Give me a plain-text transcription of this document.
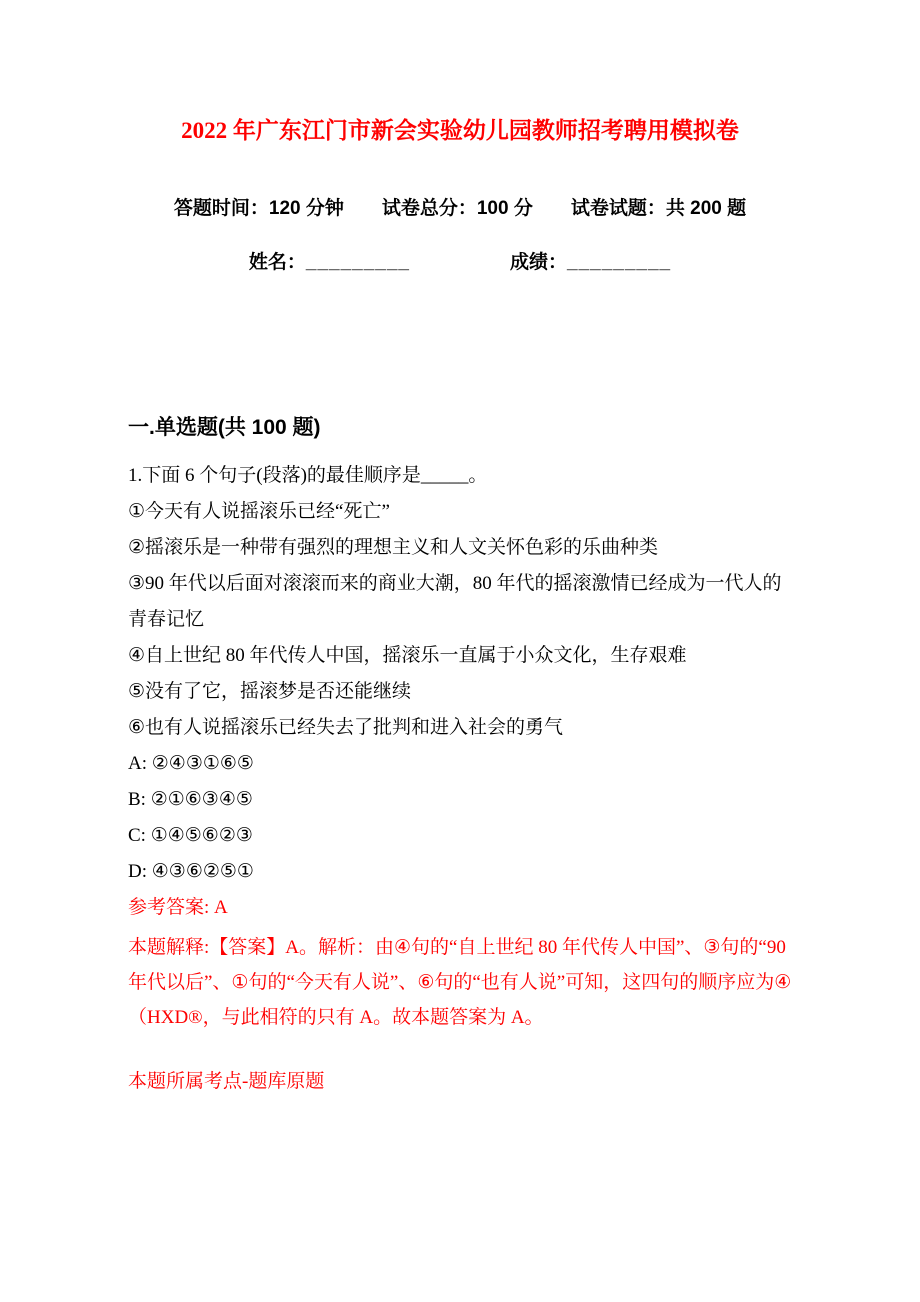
2022 年广东江门市新会实验幼儿园教师招考聘用模拟卷
答题时间：120 分钟 试卷总分：100 分 试卷试题：共 200 题
姓名：_________	成绩：_________
一.单选题(共 100 题)

1.下面 6 个句子(段落)的最佳顺序是_____。

①今天有人说摇滚乐已经“死亡”

②摇滚乐是一种带有强烈的理想主义和人文关怀色彩的乐曲种类

③90 年代以后面对滚滚而来的商业大潮，80 年代的摇滚激情已经成为一代人的青春记忆

④自上世纪 80 年代传人中国，摇滚乐一直属于小众文化，生存艰难

⑤没有了它，摇滚梦是否还能继续

⑥也有人说摇滚乐已经失去了批判和进入社会的勇气

A: ②④③①⑥⑤

B: ②①⑥③④⑤

C: ①④⑤⑥②③

D: ④③⑥②⑤①

参考答案: A

本题解释:【答案】A。解析：由④句的“自上世纪 80 年代传人中国”、③句的“90 年代以后”、①句的“今天有人说”、⑥句的“也有人说”可知，这四句的顺序应为④（HXD®，与此相符的只有 A。故本题答案为 A。

本题所属考点-题库原题
